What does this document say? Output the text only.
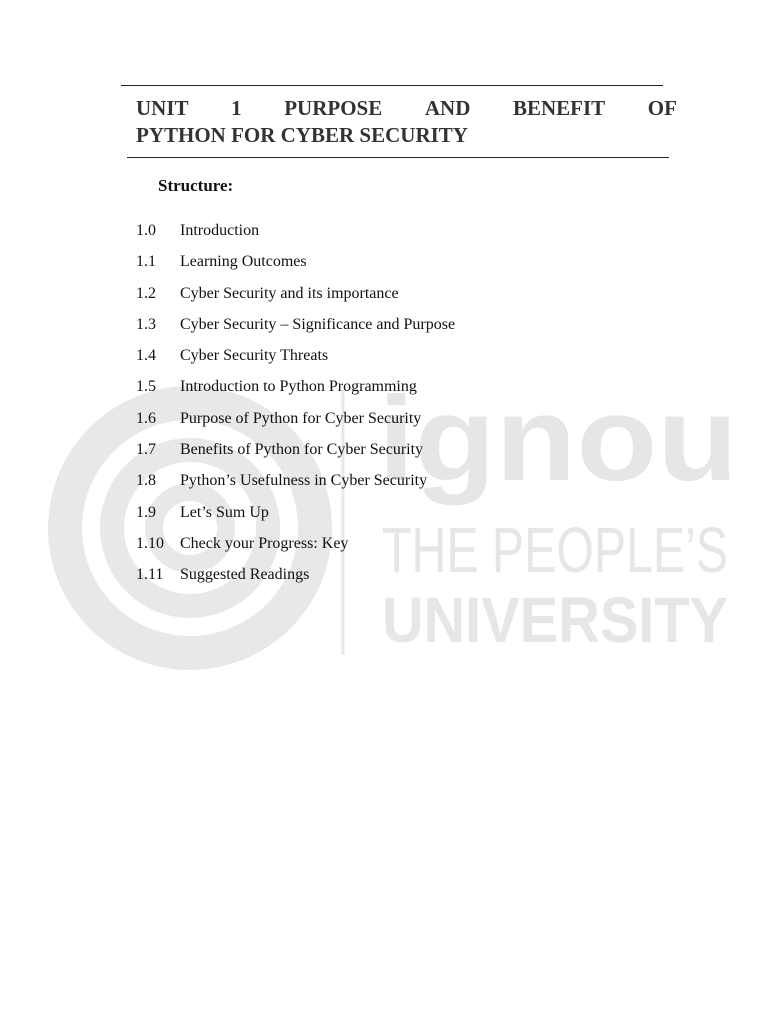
ignou
THE PEOPLE’S
UNIVERSITY
UNIT 1 PURPOSE AND BENEFIT OF
PYTHON FOR CYBER SECURITY
Structure:
1.0	Introduction
1.1	Learning Outcomes
1.2	Cyber Security and its importance
1.3	Cyber Security – Significance and Purpose
1.4	Cyber Security Threats
1.5	Introduction to Python Programming
1.6	Purpose of Python for Cyber Security
1.7	Benefits of Python for Cyber Security
1.8	Python’s Usefulness in Cyber Security
1.9	Let’s Sum Up
1.10	Check your Progress: Key
1.11	Suggested Readings
